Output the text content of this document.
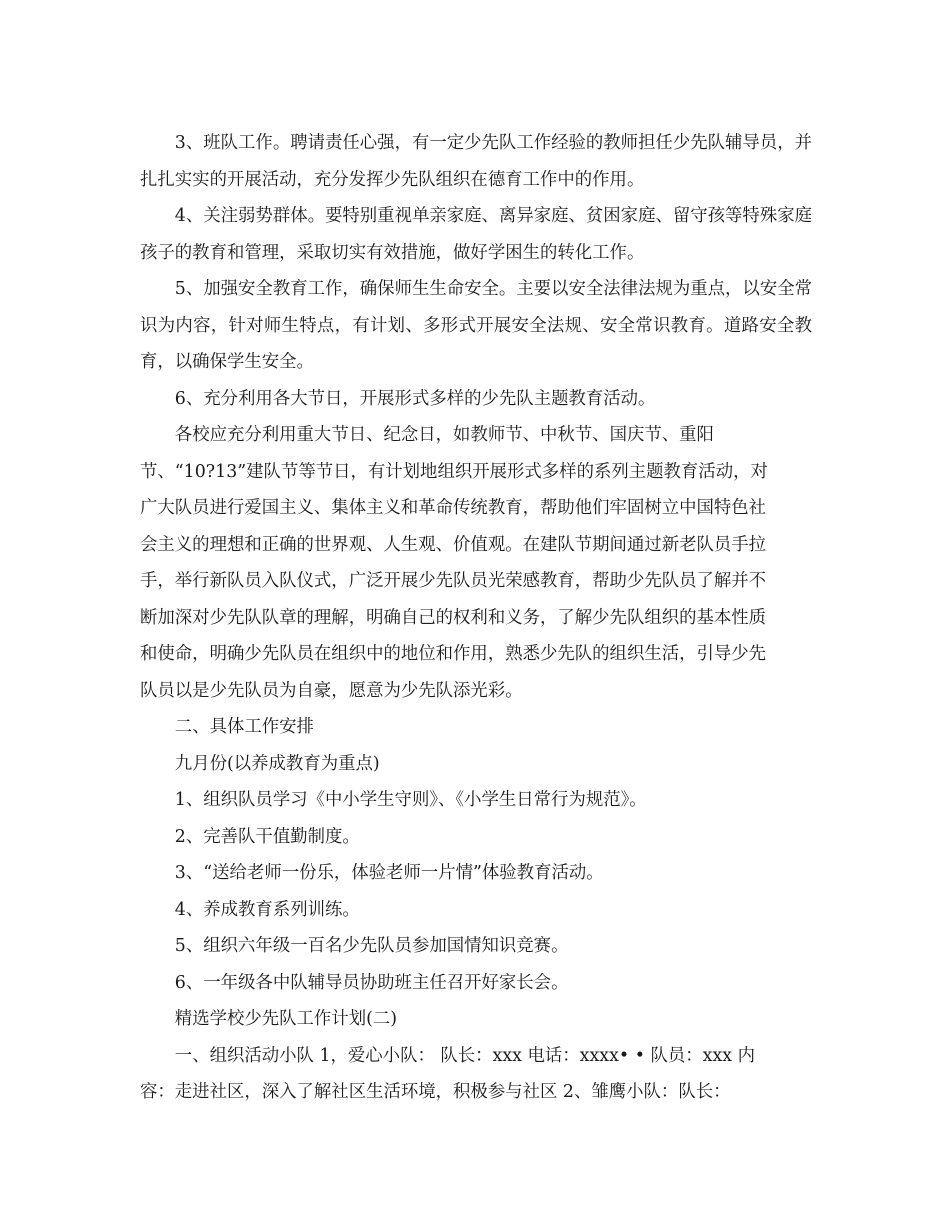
3、班队工作。聘请责任心强，有一定少先队工作经验的教师担任少先队辅导员，并扎扎实实的开展活动，充分发挥少先队组织在德育工作中的作用。

4、关注弱势群体。要特别重视单亲家庭、离异家庭、贫困家庭、留守孩等特殊家庭孩子的教育和管理，采取切实有效措施，做好学困生的转化工作。

5、加强安全教育工作，确保师生生命安全。主要以安全法律法规为重点，以安全常识为内容，针对师生特点，有计划、多形式开展安全法规、安全常识教育。道路安全教育，以确保学生安全。

6、充分利用各大节日，开展形式多样的少先队主题教育活动。

各校应充分利用重大节日、纪念日，如教师节、中秋节、国庆节、重阳

节、“10?13”建队节等节日，有计划地组织开展形式多样的系列主题教育活动，对

广大队员进行爱国主义、集体主义和革命传统教育，帮助他们牢固树立中国特色社

会主义的理想和正确的世界观、人生观、价值观。在建队节期间通过新老队员手拉

手，举行新队员入队仪式，广泛开展少先队员光荣感教育，帮助少先队员了解并不

断加深对少先队队章的理解，明确自己的权利和义务，了解少先队组织的基本性质

和使命，明确少先队员在组织中的地位和作用，熟悉少先队的组织生活，引导少先

队员以是少先队员为自豪，愿意为少先队添光彩。

二、具体工作安排

九月份(以养成教育为重点)

1、组织队员学习《中小学生守则》、《小学生日常行为规范》。

2、完善队干值勤制度。

3、“送给老师一份乐，体验老师一片情”体验教育活动。

4、养成教育系列训练。

5、组织六年级一百名少先队员参加国情知识竞赛。

6、一年级各中队辅导员协助班主任召开好家长会。

精选学校少先队工作计划(二)

一、组织活动小队 1，爱心小队： 队长：xxx 电话：xxxx• • 队员：xxx 内

容：走进社区，深入了解社区生活环境，积极参与社区 2、雏鹰小队：队长：
